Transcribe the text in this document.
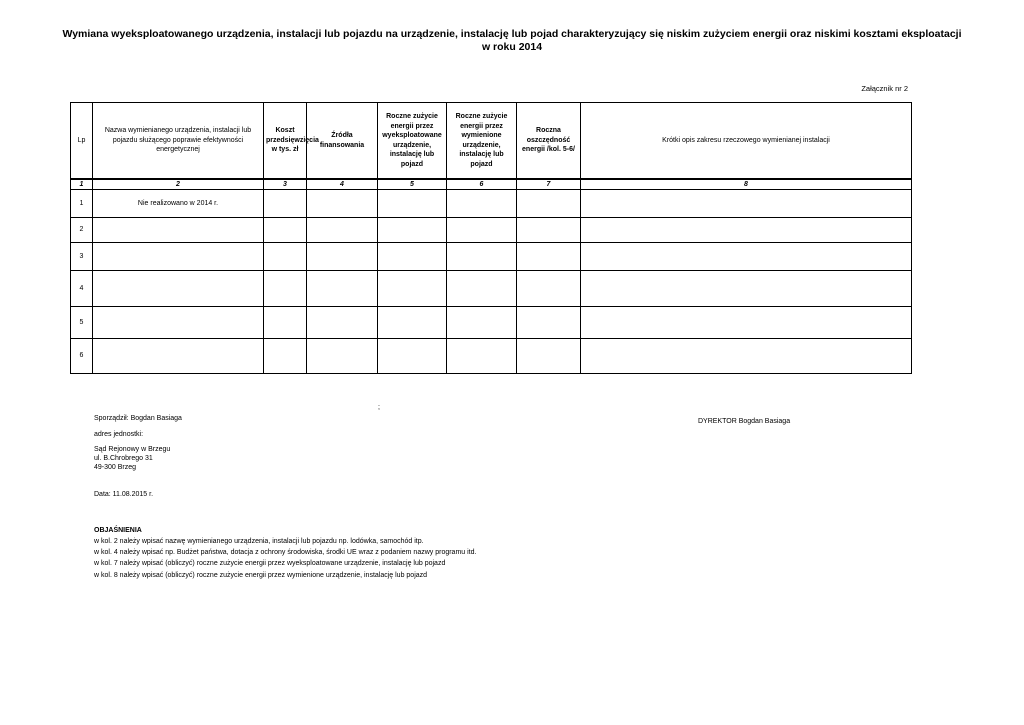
Wymiana wyeksploatowanego urządzenia, instalacji lub pojazdu na urządzenie, instalację lub pojad charakteryzujący się niskim zużyciem energii oraz niskimi kosztami eksploatacji w roku 2014
Załącznik nr 2
Lp	Nazwa wymienianego urządzenia, instalacji lub pojazdu służącego poprawie efektywności energetycznej	Koszt przedsięwzięcia w tys. zł	Źródła finansowania	Roczne zużycie energii przez wyeksploatowane urządzenie, instalację lub pojazd	Roczne zużycie energii przez wymienione urządzenie, instalację lub pojazd	Roczna oszczędność energii /kol. 5-6/	Krótki opis zakresu rzeczowego wymienianej instalacji
1	2	3	4	5	6	7	8
1	Nie realizowano w 2014 r.						
2							
3							
4							
5							
6							
;
Sporządził: Bogdan Basiaga
adres jednostki:
Sąd Rejonowy w Brzegu
ul. B.Chrobrego 31
49-300 Brzeg
Data: 11.08.2015 r.
DYREKTOR Bogdan Basiaga
OBJAŚNIENIA
w kol. 2 należy wpisać nazwę wymienianego urządzenia, instalacji lub pojazdu np. lodówka, samochód itp.
w kol. 4 należy wpisać np. Budżet państwa, dotacja z ochrony środowiska, środki UE wraz z podaniem nazwy programu itd.
w kol. 7 należy wpisać (obliczyć) roczne zużycie energii przez wyeksploatowane urządzenie, instalację lub pojazd
w kol. 8 należy wpisać (obliczyć) roczne zużycie energii przez wymienione urządzenie, instalację lub pojazd
